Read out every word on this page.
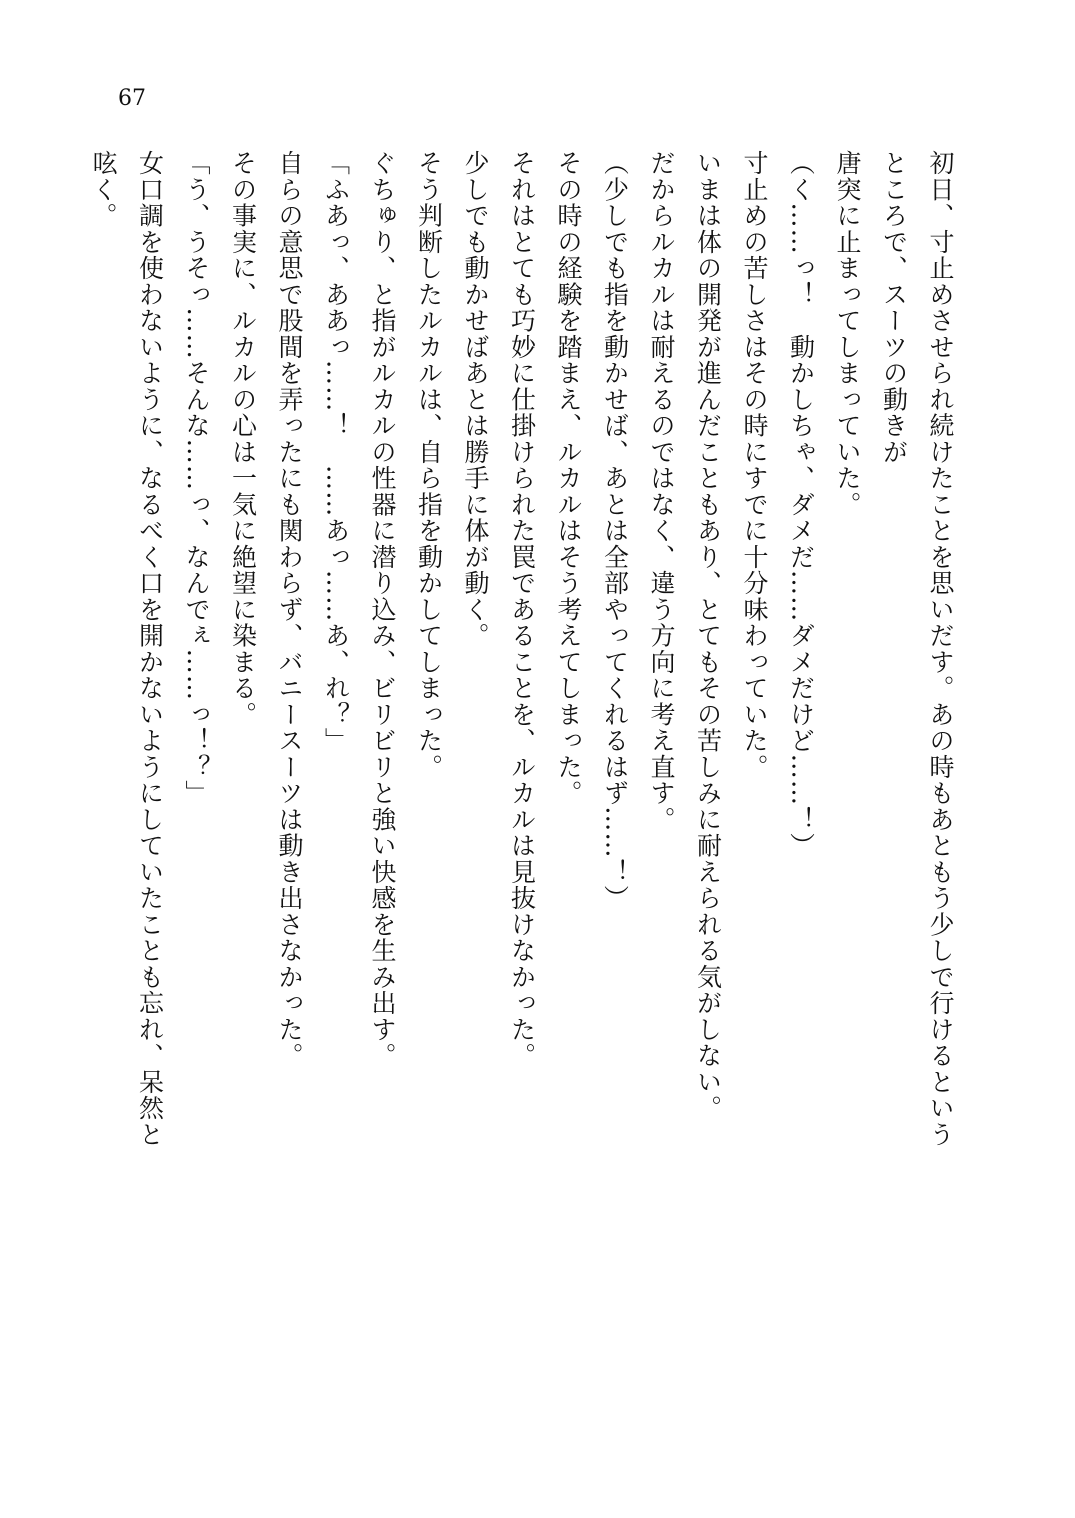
67

初日、寸止めさせられ続けたことを思いだす。あの時もあともう少しで行けるというところで、スーツの動きが

唐突に止まってしまっていた。

（く……っ！　動かしちゃ、ダメだ……ダメだけど……！）

寸止めの苦しさはその時にすでに十分味わっていた。

いまは体の開発が進んだこともあり、とてもその苦しみに耐えられる気がしない。

だからルカルは耐えるのではなく、違う方向に考え直す。

（少しでも指を動かせば、あとは全部やってくれるはず……！）

その時の経験を踏まえ、ルカルはそう考えてしまった。

それはとても巧妙に仕掛けられた罠であることを、ルカルは見抜けなかった。

少しでも動かせばあとは勝手に体が動く。

そう判断したルカルは、自ら指を動かしてしまった。

ぐちゅり、と指がルカルの性器に潜り込み、ビリビリと強い快感を生み出す。

「ふあっ、ああっ……！　……あっ……あ、れ？」

自らの意思で股間を弄ったにも関わらず、バニースーツは動き出さなかった。

その事実に、ルカルの心は一気に絶望に染まる。

「う、うそっ……そんな……っ、なんでぇ……っ！？」

女口調を使わないように、なるべく口を開かないようにしていたことも忘れ、呆然と呟く。
